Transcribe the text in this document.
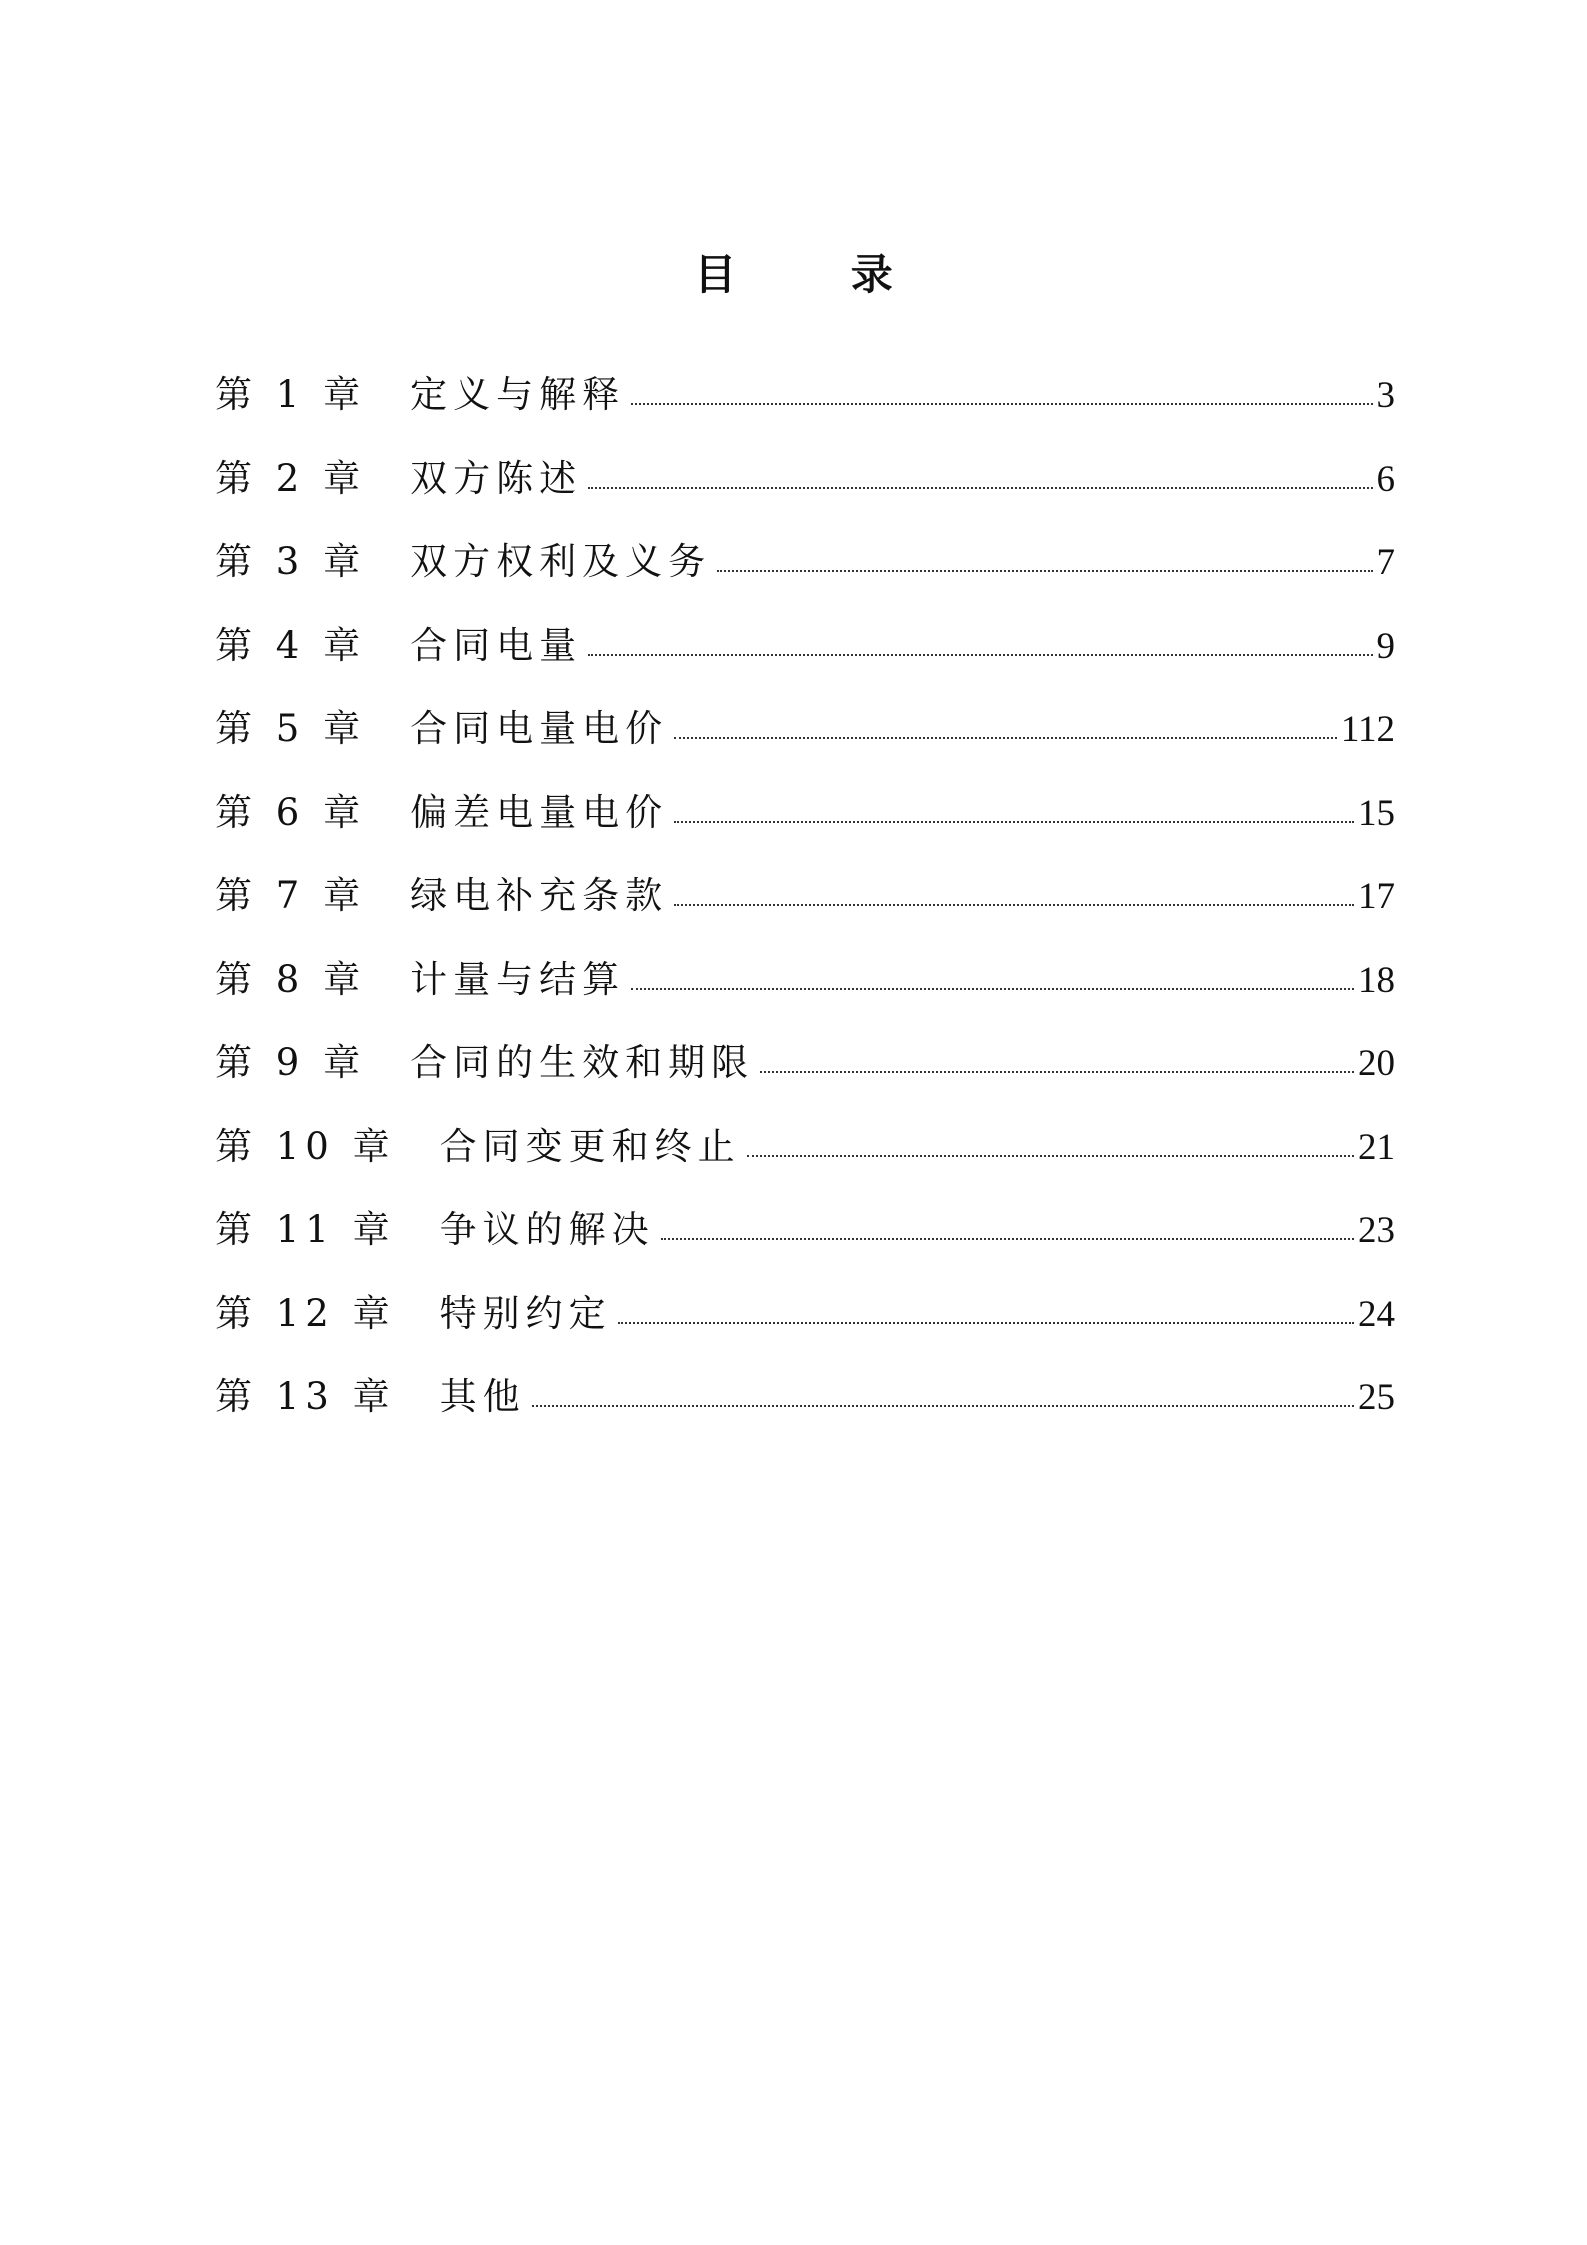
目 录
第 1 章 定义与解释	3
第 2 章 双方陈述	6
第 3 章 双方权利及义务	7
第 4 章 合同电量	9
第 5 章 合同电量电价	112
第 6 章 偏差电量电价	15
第 7 章 绿电补充条款	17
第 8 章 计量与结算	18
第 9 章 合同的生效和期限	20
第 10 章 合同变更和终止	21
第 11 章 争议的解决	23
第 12 章 特别约定	24
第 13 章 其他	25
